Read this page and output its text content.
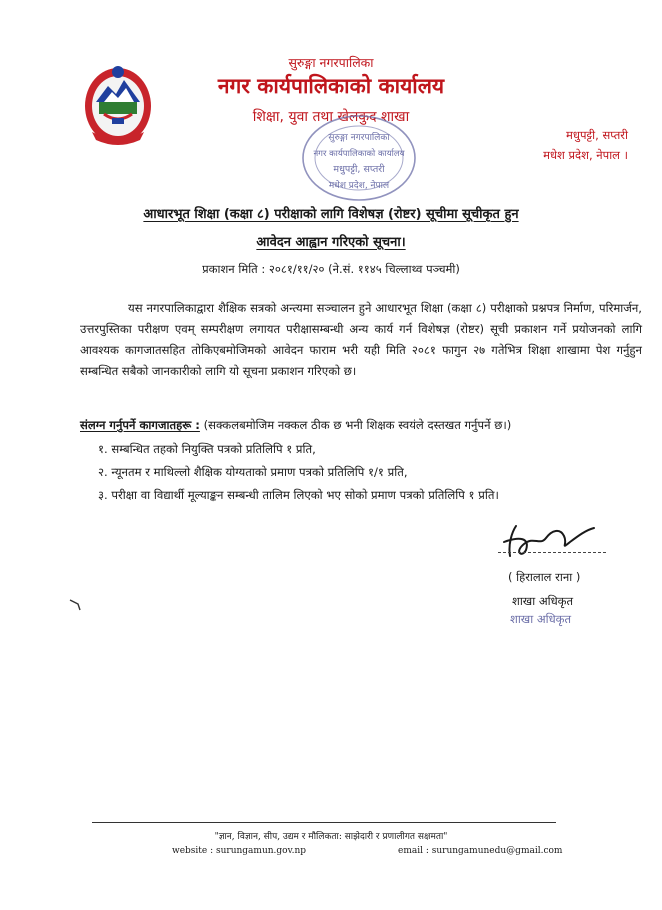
सुरुङ्गा नगरपालिका
नगर कार्यपालिकाको कार्यालय
शिक्षा, युवा तथा खेलकुद शाखा
मधुपट्टी, सप्तरी
मधेश प्रदेश, नेपाल ।
सुरुङ्गा नगरपालिका
नगर कार्यपालिकाको कार्यालय
मधुपट्टी, सप्तरी
मधेश प्रदेश, नेपाल
आधारभूत शिक्षा (कक्षा ८) परीक्षाको लागि विशेषज्ञ (रोष्टर) सूचीमा सूचीकृत हुन
आवेदन आह्वान गरिएको सूचना।
प्रकाशन मिति : २०८१/११/२० (ने.सं. ११४५ चिल्लाथ्व पञ्चमी)
यस नगरपालिकाद्वारा शैक्षिक सत्रको अन्त्यमा सञ्चालन हुने आधारभूत शिक्षा (कक्षा ८) परीक्षाको प्रश्नपत्र निर्माण, परिमार्जन, उत्तरपुस्तिका परीक्षण एवम् सम्परीक्षण लगायत परीक्षासम्बन्धी अन्य कार्य गर्न विशेषज्ञ (रोष्टर) सूची प्रकाशन गर्ने प्रयोजनको लागि आवश्यक कागजातसहित तोकिएबमोजिमको आवेदन फाराम भरी यही मिति २०८१ फागुन २७ गतेभित्र शिक्षा शाखामा पेश गर्नुहुन सम्बन्धित सबैको जानकारीको लागि यो सूचना प्रकाशन गरिएको छ।
संलग्न गर्नुपर्ने कागजातहरू : (सक्कलबमोजिम नक्कल ठीक छ भनी शिक्षक स्वयंले दस्तखत गर्नुपर्ने छ।)
१. सम्बन्धित तहको नियुक्ति पत्रको प्रतिलिपि १ प्रति,
२. न्यूनतम र माथिल्लो शैक्षिक योग्यताको प्रमाण पत्रको प्रतिलिपि १/१ प्रति,
३. परीक्षा वा विद्यार्थी मूल्याङ्कन सम्बन्धी तालिम लिएको भए सोको प्रमाण पत्रको प्रतिलिपि १ प्रति।
( हिरालाल राना )
शाखा अधिकृत
शाखा अधिकृत
"ज्ञान, विज्ञान, सीप, उद्यम र मौलिकता: साझेदारी र प्रणालीगत सक्षमता"
website : surungamun.gov.np	email : surungamunedu@gmail.com
